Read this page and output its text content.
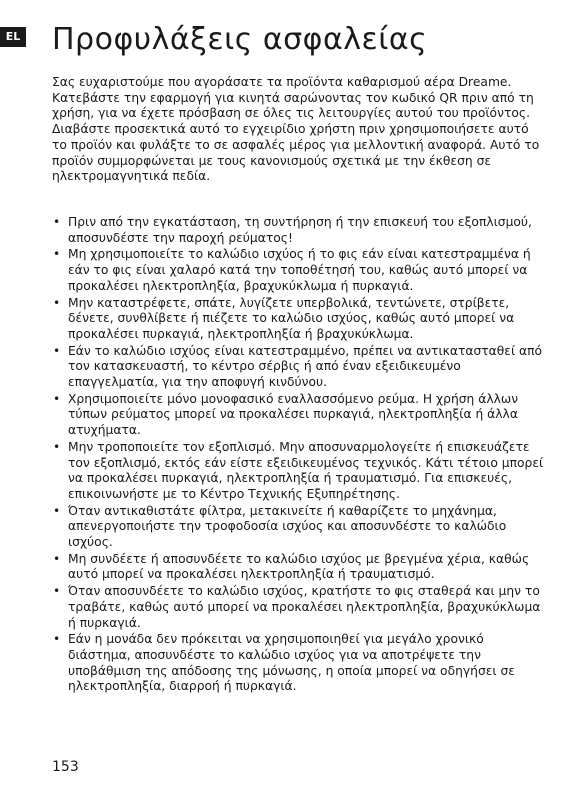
EL Προφυλάξεις ασφαλείας

Σας ευχαριστούμε που αγοράσατε τα προϊόντα καθαρισμού αέρα Dreame. Κατεβάστε την εφαρμογή για κινητά σαρώνοντας τον κωδικό QR πριν από τη χρήση, για να έχετε πρόσβαση σε όλες τις λειτουργίες αυτού του προϊόντος. Διαβάστε προσεκτικά αυτό το εγχειρίδιο χρήστη πριν χρησιμοποιήσετε αυτό το προϊόν και φυλάξτε το σε ασφαλές μέρος για μελλοντική αναφορά. Αυτό το προϊόν συμμορφώνεται με τους κανονισμούς σχετικά με την έκθεση σε ηλεκτρομαγνητικά πεδία.

• Πριν από την εγκατάσταση, τη συντήρηση ή την επισκευή του εξοπλισμού, αποσυνδέστε την παροχή ρεύματος!
• Μη χρησιμοποιείτε το καλώδιο ισχύος ή το φις εάν είναι κατεστραμμένα ή εάν το φις είναι χαλαρό κατά την τοποθέτησή του, καθώς αυτό μπορεί να προκαλέσει ηλεκτροπληξία, βραχυκύκλωμα ή πυρκαγιά.
• Μην καταστρέφετε, σπάτε, λυγίζετε υπερβολικά, τεντώνετε, στρίβετε, δένετε, συνθλίβετε ή πιέζετε το καλώδιο ισχύος, καθώς αυτό μπορεί να προκαλέσει πυρκαγιά, ηλεκτροπληξία ή βραχυκύκλωμα.
• Εάν το καλώδιο ισχύος είναι κατεστραμμένο, πρέπει να αντικατασταθεί από τον κατασκευαστή, το κέντρο σέρβις ή από έναν εξειδικευμένο επαγγελματία, για την αποφυγή κινδύνου.
• Χρησιμοποιείτε μόνο μονοφασικό εναλλασσόμενο ρεύμα. Η χρήση άλλων τύπων ρεύματος μπορεί να προκαλέσει πυρκαγιά, ηλεκτροπληξία ή άλλα ατυχήματα.
• Μην τροποποιείτε τον εξοπλισμό. Μην αποσυναρμολογείτε ή επισκευάζετε τον εξοπλισμό, εκτός εάν είστε εξειδικευμένος τεχνικός. Κάτι τέτοιο μπορεί να προκαλέσει πυρκαγιά, ηλεκτροπληξία ή τραυματισμό. Για επισκευές, επικοινωνήστε με το Κέντρο Τεχνικής Εξυπηρέτησης.
• Όταν αντικαθιστάτε φίλτρα, μετακινείτε ή καθαρίζετε το μηχάνημα, απενεργοποιήστε την τροφοδοσία ισχύος και αποσυνδέστε το καλώδιο ισχύος.
• Μη συνδέετε ή αποσυνδέετε το καλώδιο ισχύος με βρεγμένα χέρια, καθώς αυτό μπορεί να προκαλέσει ηλεκτροπληξία ή τραυματισμό.
• Όταν αποσυνδέετε το καλώδιο ισχύος, κρατήστε το φις σταθερά και μην το τραβάτε, καθώς αυτό μπορεί να προκαλέσει ηλεκτροπληξία, βραχυκύκλωμα ή πυρκαγιά.
• Εάν η μονάδα δεν πρόκειται να χρησιμοποιηθεί για μεγάλο χρονικό διάστημα, αποσυνδέστε το καλώδιο ισχύος για να αποτρέψετε την υποβάθμιση της απόδοσης της μόνωσης, η οποία μπορεί να οδηγήσει σε ηλεκτροπληξία, διαρροή ή πυρκαγιά.
153
